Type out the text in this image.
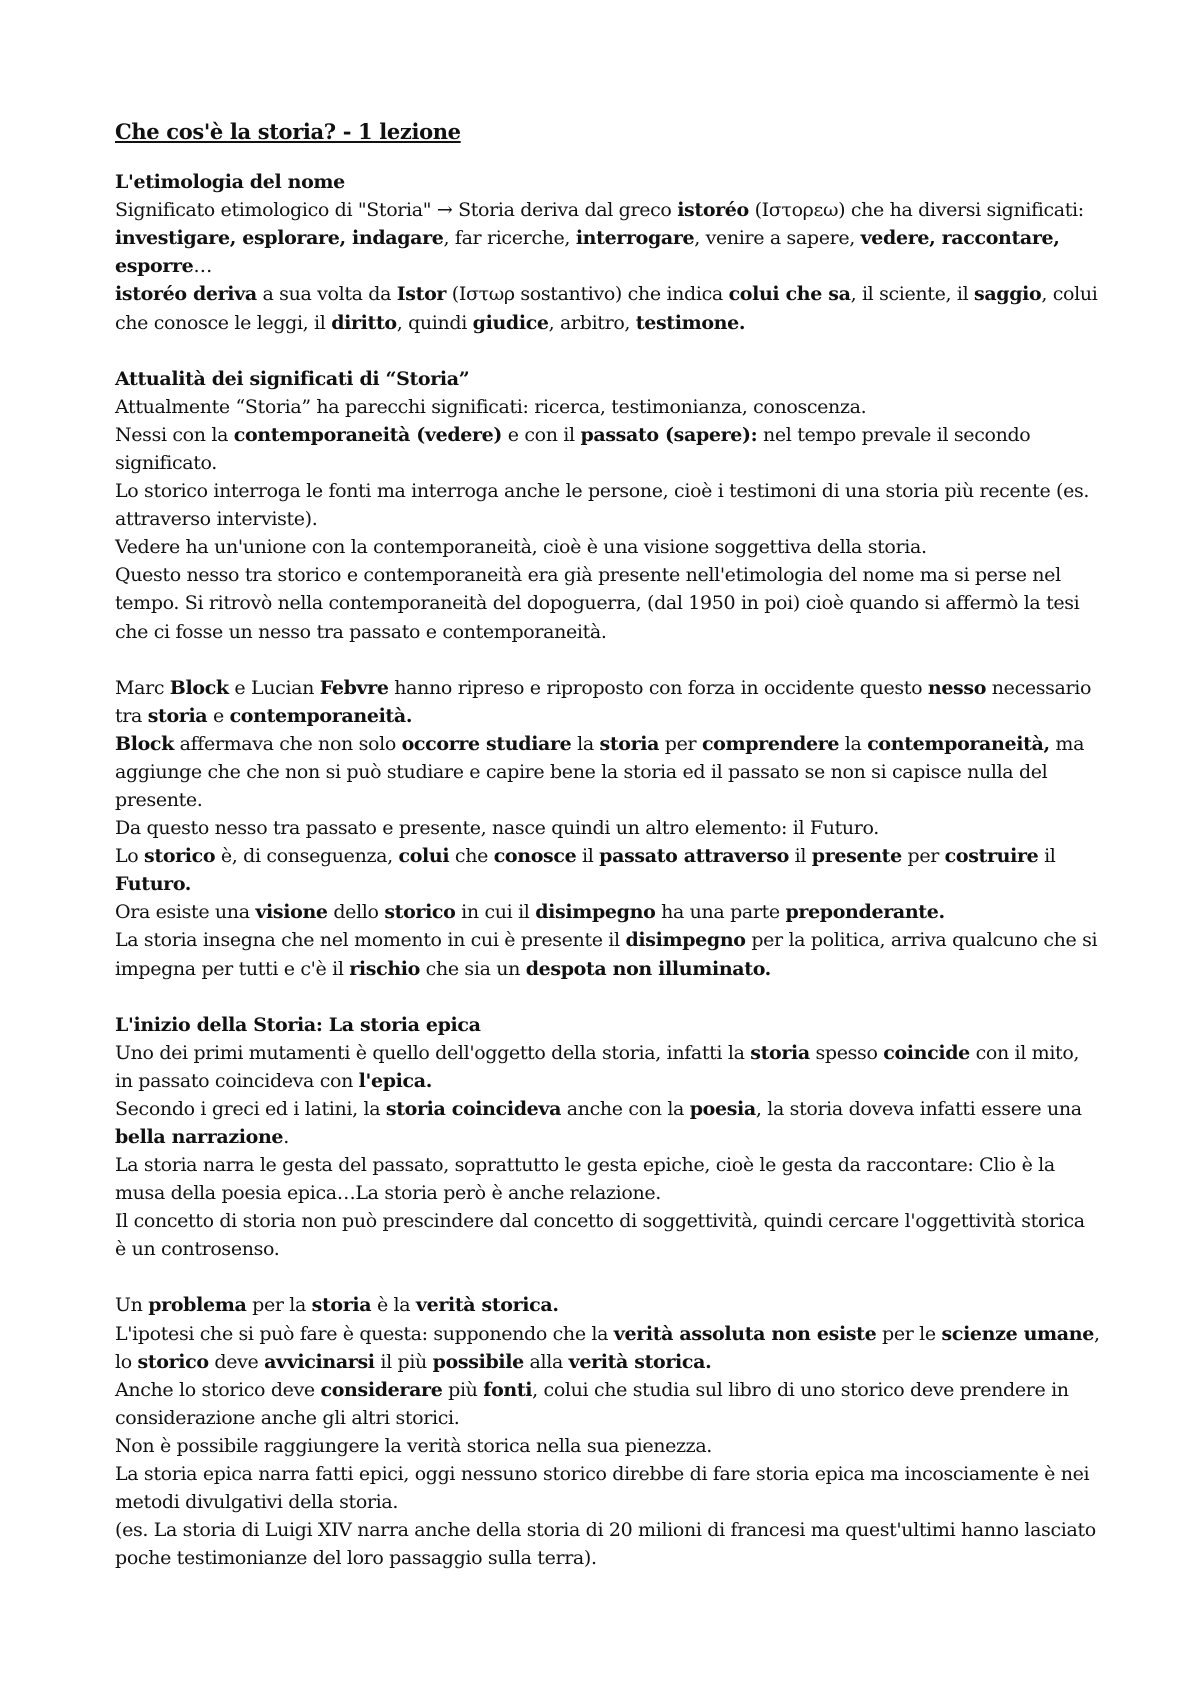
Che cos'è la storia? - 1 lezione
L'etimologia del nome
Significato etimologico di "Storia" → Storia deriva dal greco istoréo (Ιστορεω) che ha diversi significati: investigare, esplorare, indagare, far ricerche, interrogare, venire a sapere, vedere, raccontare, esporre…
istoréo deriva a sua volta da Istor (Ιστωρ sostantivo) che indica colui che sa, il sciente, il saggio, colui che conosce le leggi, il diritto, quindi giudice, arbitro, testimone.
Attualità dei significati di “Storia”
Attualmente “Storia” ha parecchi significati: ricerca, testimonianza, conoscenza.
Nessi con la contemporaneità (vedere) e con il passato (sapere): nel tempo prevale il secondo significato.
Lo storico interroga le fonti ma interroga anche le persone, cioè i testimoni di una storia più recente (es. attraverso interviste).
Vedere ha un'unione con la contemporaneità, cioè è una visione soggettiva della storia.
Questo nesso tra storico e contemporaneità era già presente nell'etimologia del nome ma si perse nel tempo. Si ritrovò nella contemporaneità del dopoguerra, (dal 1950 in poi) cioè quando si affermò la tesi che ci fosse un nesso tra passato e contemporaneità.
Marc Block e Lucian Febvre hanno ripreso e riproposto con forza in occidente questo nesso necessario tra storia e contemporaneità.
Block affermava che non solo occorre studiare la storia per comprendere la contemporaneità, ma aggiunge che che non si può studiare e capire bene la storia ed il passato se non si capisce nulla del presente.
Da questo nesso tra passato e presente, nasce quindi un altro elemento: il Futuro.
Lo storico è, di conseguenza, colui che conosce il passato attraverso il presente per costruire il Futuro.
Ora esiste una visione dello storico in cui il disimpegno ha una parte preponderante.
La storia insegna che nel momento in cui è presente il disimpegno per la politica, arriva qualcuno che si impegna per tutti e c'è il rischio che sia un despota non illuminato.
L'inizio della Storia: La storia epica
Uno dei primi mutamenti è quello dell'oggetto della storia, infatti la storia spesso coincide con il mito, in passato coincideva con l'epica.
Secondo i greci ed i latini, la storia coincideva anche con la poesia, la storia doveva infatti essere una bella narrazione.
La storia narra le gesta del passato, soprattutto le gesta epiche, cioè le gesta da raccontare: Clio è la musa della poesia epica…La storia però è anche relazione.
Il concetto di storia non può prescindere dal concetto di soggettività, quindi cercare l'oggettività storica è un controsenso.
Un problema per la storia è la verità storica.
L'ipotesi che si può fare è questa: supponendo che la verità assoluta non esiste per le scienze umane, lo storico deve avvicinarsi il più possibile alla verità storica.
Anche lo storico deve considerare più fonti, colui che studia sul libro di uno storico deve prendere in considerazione anche gli altri storici.
Non è possibile raggiungere la verità storica nella sua pienezza.
La storia epica narra fatti epici, oggi nessuno storico direbbe di fare storia epica ma incosciamente è nei metodi divulgativi della storia.
(es. La storia di Luigi XIV narra anche della storia di 20 milioni di francesi ma quest'ultimi hanno lasciato poche testimonianze del loro passaggio sulla terra).
